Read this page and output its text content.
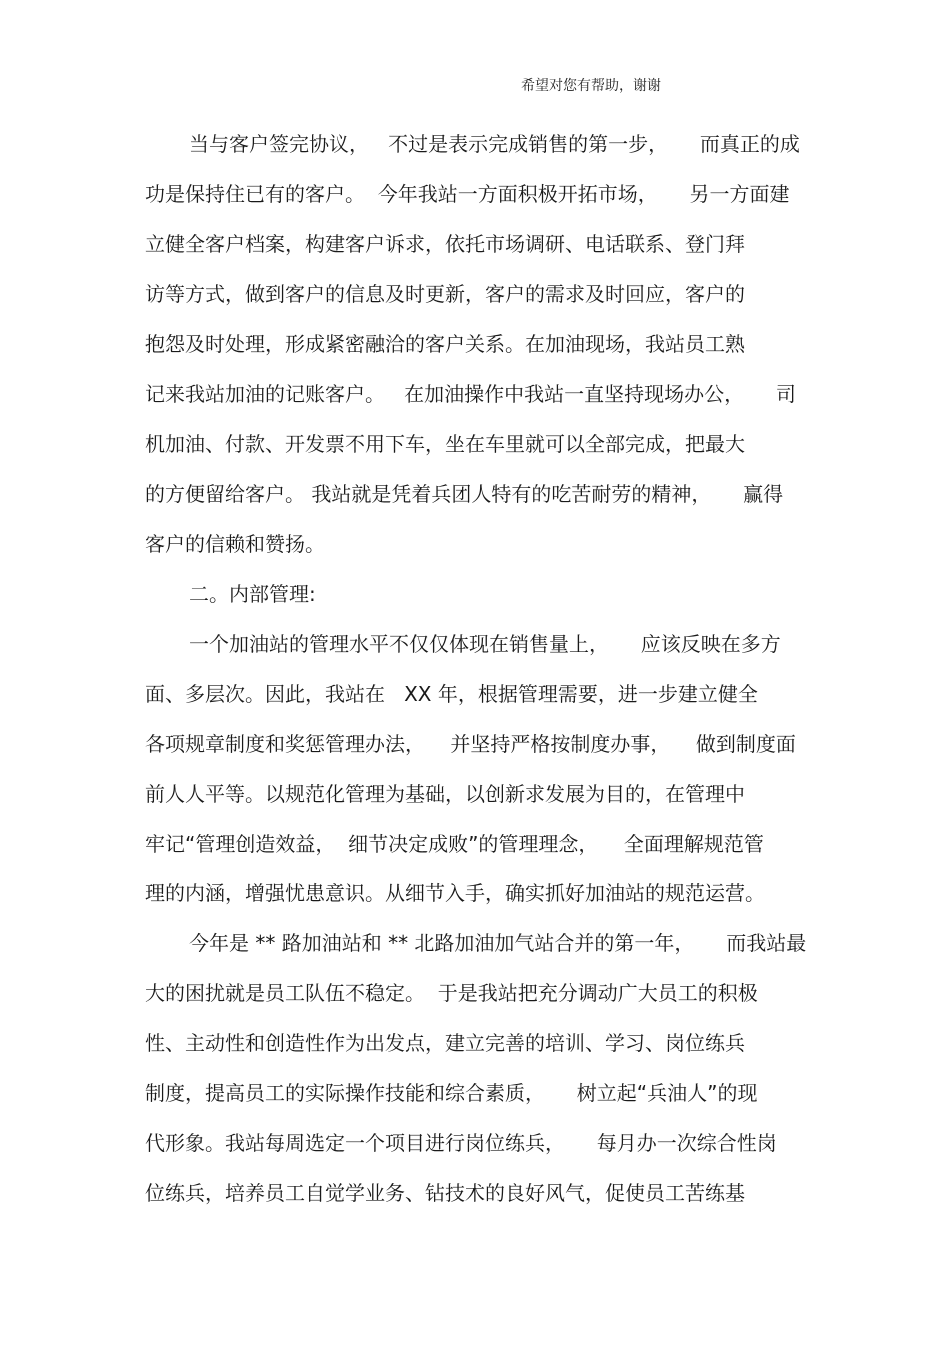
希望对您有帮助，谢谢
当与客户签完协议，   不过是表示完成销售的第一步，     而真正的成
功是保持住已有的客户。  今年我站一方面积极开拓市场，     另一方面建
立健全客户档案，构建客户诉求，依托市场调研、电话联系、登门拜
访等方式，做到客户的信息及时更新，客户的需求及时回应，客户的
抱怨及时处理，形成紧密融洽的客户关系。在加油现场，我站员工熟
记来我站加油的记账客户。   在加油操作中我站一直坚持现场办公，     司
机加油、付款、开发票不用下车，坐在车里就可以全部完成，把最大
的方便留给客户。 我站就是凭着兵团人特有的吃苦耐劳的精神，     赢得
客户的信赖和赞扬。
二。内部管理:
一个加油站的管理水平不仅仅体现在销售量上，     应该反映在多方
面、多层次。因此，我站在   XX 年，根据管理需要，进一步建立健全
各项规章制度和奖惩管理办法，    并坚持严格按制度办事，    做到制度面
前人人平等。以规范化管理为基础，以创新求发展为目的，在管理中
牢记“管理创造效益，  细节决定成败”的管理理念，    全面理解规范管
理的内涵，增强忧患意识。从细节入手，确实抓好加油站的规范运营。
今年是 ** 路加油站和 ** 北路加油加气站合并的第一年，     而我站最
大的困扰就是员工队伍不稳定。  于是我站把充分调动广大员工的积极
性、主动性和创造性作为出发点，建立完善的培训、学习、岗位练兵
制度，提高员工的实际操作技能和综合素质，     树立起“兵油人”的现
代形象。我站每周选定一个项目进行岗位练兵，     每月办一次综合性岗
位练兵，培养员工自觉学业务、钻技术的良好风气，促使员工苦练基
